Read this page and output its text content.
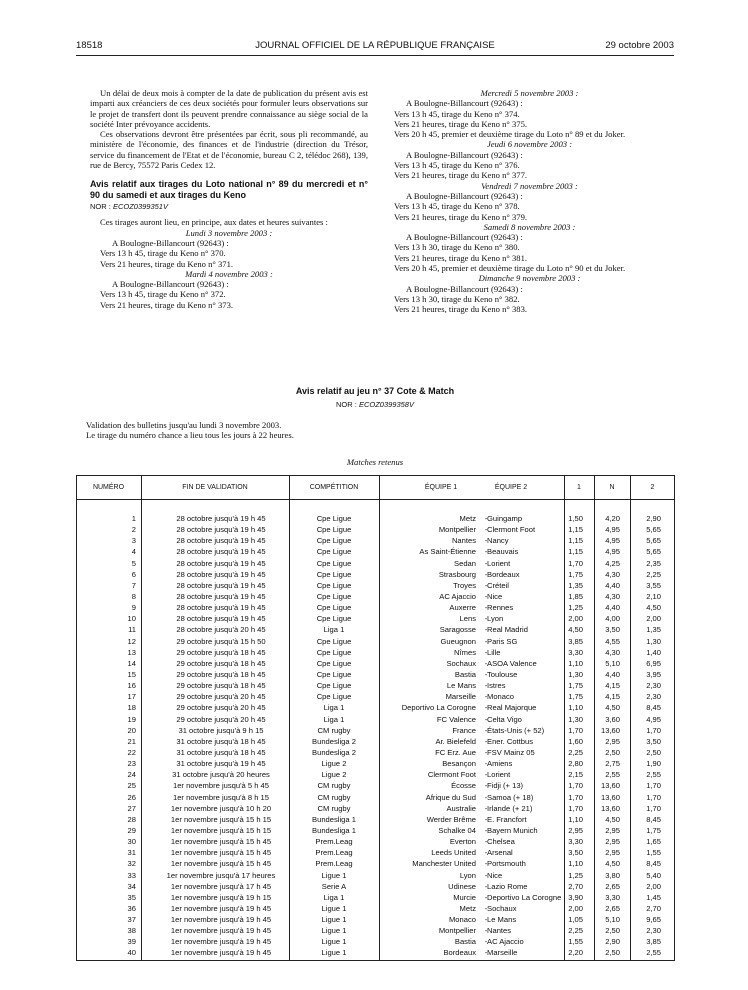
18518	JOURNAL OFFICIEL DE LA RÉPUBLIQUE FRANÇAISE	29 octobre 2003

Un délai de deux mois à compter de la date de publication du présent avis est imparti aux créanciers de ces deux sociétés pour formuler leurs observations sur le projet de transfert dont ils peuvent prendre connaissance au siège social de la société Inter prévoyance accidents.

Ces observations devront être présentées par écrit, sous pli recommandé, au ministère de l'économie, des finances et de l'industrie (direction du Trésor, service du financement de l'Etat et de l'économie, bureau C 2, télédoc 268), 139, rue de Bercy, 75572 Paris Cedex 12.

Avis relatif aux tirages du Loto national n° 89 du mercredi et n° 90 du samedi et aux tirages du Keno

NOR : ECOZ0399351V

Ces tirages auront lieu, en principe, aux dates et heures suivantes :

Lundi 3 novembre 2003 :

A Boulogne-Billancourt (92643) :

Vers 13 h 45, tirage du Keno n° 370.

Vers 21 heures, tirage du Keno n° 371.

Mardi 4 novembre 2003 :

A Boulogne-Billancourt (92643) :

Vers 13 h 45, tirage du Keno n° 372.

Vers 21 heures, tirage du Keno n° 373.

Mercredi 5 novembre 2003 :

A Boulogne-Billancourt (92643) :

Vers 13 h 45, tirage du Keno n° 374.

Vers 21 heures, tirage du Keno n° 375.

Vers 20 h 45, premier et deuxième tirage du Loto n° 89 et du Joker.

Jeudi 6 novembre 2003 :

A Boulogne-Billancourt (92643) :

Vers 13 h 45, tirage du Keno n° 376.

Vers 21 heures, tirage du Keno n° 377.

Vendredi 7 novembre 2003 :

A Boulogne-Billancourt (92643) :

Vers 13 h 45, tirage du Keno n° 378.

Vers 21 heures, tirage du Keno n° 379.

Samedi 8 novembre 2003 :

A Boulogne-Billancourt (92643) :

Vers 13 h 30, tirage du Keno n° 380.

Vers 21 heures, tirage du Keno n° 381.

Vers 20 h 45, premier et deuxième tirage du Loto n° 90 et du Joker.

Dimanche 9 novembre 2003 :

A Boulogne-Billancourt (92643) :

Vers 13 h 30, tirage du Keno n° 382.

Vers 21 heures, tirage du Keno n° 383.

Avis relatif au jeu n° 37 Cote & Match
NOR : ECOZ0399358V
Validation des bulletins jusqu'au lundi 3 novembre 2003.
Le tirage du numéro chance a lieu tous les jours à 22 heures.
Matches retenus
NUMÉRO	FIN DE VALIDATION	COMPÉTITION	ÉQUIPE 1	ÉQUIPE 2	1	N	2
1	28 octobre jusqu'à 19 h 45	Cpe Ligue	Metz	- Guingamp	1,50	4,20	2,90
2	28 octobre jusqu'à 19 h 45	Cpe Ligue	Montpellier	- Clermont Foot	1,15	4,95	5,65
3	28 octobre jusqu'à 19 h 45	Cpe Ligue	Nantes	- Nancy	1,15	4,95	5,65
4	28 octobre jusqu'à 19 h 45	Cpe Ligue	As Saint-Étienne	- Beauvais	1,15	4,95	5,65
5	28 octobre jusqu'à 19 h 45	Cpe Ligue	Sedan	- Lorient	1,70	4,25	2,35
6	28 octobre jusqu'à 19 h 45	Cpe Ligue	Strasbourg	- Bordeaux	1,75	4,30	2,25
7	28 octobre jusqu'à 19 h 45	Cpe Ligue	Troyes	- Créteil	1,35	4,40	3,55
8	28 octobre jusqu'à 19 h 45	Cpe Ligue	AC Ajaccio	- Nice	1,85	4,30	2,10
9	28 octobre jusqu'à 19 h 45	Cpe Ligue	Auxerre	- Rennes	1,25	4,40	4,50
10	28 octobre jusqu'à 19 h 45	Cpe Ligue	Lens	- Lyon	2,00	4,00	2,00
11	28 octobre jusqu'à 20 h 45	Liga 1	Saragosse	- Real Madrid	4,50	3,50	1,35
12	29 octobre jusqu'à 15 h 50	Cpe Ligue	Gueugnon	- Paris SG	3,85	4,55	1,30
13	29 octobre jusqu'à 18 h 45	Cpe Ligue	Nîmes	- Lille	3,30	4,30	1,40
14	29 octobre jusqu'à 18 h 45	Cpe Ligue	Sochaux	- ASOA Valence	1,10	5,10	6,95
15	29 octobre jusqu'à 18 h 45	Cpe Ligue	Bastia	- Toulouse	1,30	4,40	3,95
16	29 octobre jusqu'à 18 h 45	Cpe Ligue	Le Mans	- Istres	1,75	4,15	2,30
17	29 octobre jusqu'à 20 h 45	Cpe Ligue	Marseille	- Monaco	1,75	4,15	2,30
18	29 octobre jusqu'à 20 h 45	Liga 1	Deportivo La Corogne	- Real Majorque	1,10	4,50	8,45
19	29 octobre jusqu'à 20 h 45	Liga 1	FC Valence	- Celta Vigo	1,30	3,60	4,95
20	31 octobre jusqu'à 9 h 15	CM rugby	France	- États-Unis (+ 52)	1,70	13,60	1,70
21	31 octobre jusqu'à 18 h 45	Bundesliga 2	Ar. Bielefeld	- Ener. Cottbus	1,60	2,95	3,50
22	31 octobre jusqu'à 18 h 45	Bundesliga 2	FC Erz. Aue	- FSV Mainz 05	2,25	2,50	2,50
23	31 octobre jusqu'à 19 h 45	Ligue 2	Besançon	- Amiens	2,80	2,75	1,90
24	31 octobre jusqu'à 20 heures	Ligue 2	Clermont Foot	- Lorient	2,15	2,55	2,55
25	1er novembre jusqu'à 5 h 45	CM rugby	Écosse	- Fidji (+ 13)	1,70	13,60	1,70
26	1er novembre jusqu'à 8 h 15	CM rugby	Afrique du Sud	- Samoa (+ 18)	1,70	13,60	1,70
27	1er novembre jusqu'à 10 h 20	CM rugby	Australie	- Irlande (+ 21)	1,70	13,60	1,70
28	1er novembre jusqu'à 15 h 15	Bundesliga 1	Werder Brême	- E. Francfort	1,10	4,50	8,45
29	1er novembre jusqu'à 15 h 15	Bundesliga 1	Schalke 04	- Bayern Munich	2,95	2,95	1,75
30	1er novembre jusqu'à 15 h 45	Prem.Leag	Everton	- Chelsea	3,30	2,95	1,65
31	1er novembre jusqu'à 15 h 45	Prem.Leag	Leeds United	- Arsenal	3,50	2,95	1,55
32	1er novembre jusqu'à 15 h 45	Prem.Leag	Manchester United	- Portsmouth	1,10	4,50	8,45
33	1er novembre jusqu'à 17 heures	Ligue 1	Lyon	- Nice	1,25	3,80	5,40
34	1er novembre jusqu'à 17 h 45	Serie A	Udinese	- Lazio Rome	2,70	2,65	2,00
35	1er novembre jusqu'à 19 h 15	Liga 1	Murcie	- Deportivo La Corogne 3,90	3,30	1,45
36	1er novembre jusqu'à 19 h 45	Ligue 1	Metz	- Sochaux	2,00	2,65	2,70
37	1er novembre jusqu'à 19 h 45	Ligue 1	Monaco	- Le Mans	1,05	5,10	9,65
38	1er novembre jusqu'à 19 h 45	Ligue 1	Montpellier	- Nantes	2,25	2,50	2,30
39	1er novembre jusqu'à 19 h 45	Ligue 1	Bastia	- AC Ajaccio	1,55	2,90	3,85
40	1er novembre jusqu'à 19 h 45	Ligue 1	Bordeaux	- Marseille	2,20	2,50	2,55
